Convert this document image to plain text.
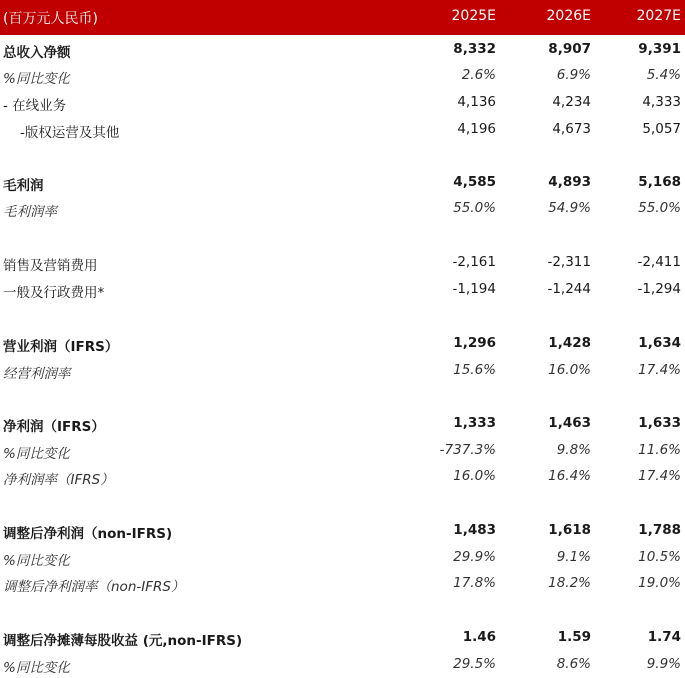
(百万元人民币)	2025E	2026E	2027E
总收入净额	8,332	8,907	9,391
%同比变化	2.6%	6.9%	5.4%
- 在线业务	4,136	4,234	4,333
-版权运营及其他	4,196	4,673	5,057
毛利润	4,585	4,893	5,168
毛利润率	55.0%	54.9%	55.0%
销售及营销费用	-2,161	-2,311	-2,411
一般及行政费用*	-1,194	-1,244	-1,294
营业利润（IFRS）	1,296	1,428	1,634
经营利润率	15.6%	16.0%	17.4%
净利润（IFRS）	1,333	1,463	1,633
%同比变化	-737.3%	9.8%	11.6%
净利润率（IFRS）	16.0%	16.4%	17.4%
调整后净利润（non-IFRS)	1,483	1,618	1,788
%同比变化	29.9%	9.1%	10.5%
调整后净利润率（non-IFRS）	17.8%	18.2%	19.0%
调整后净摊薄每股收益 (元,non-IFRS)	1.46	1.59	1.74
%同比变化	29.5%	8.6%	9.9%
